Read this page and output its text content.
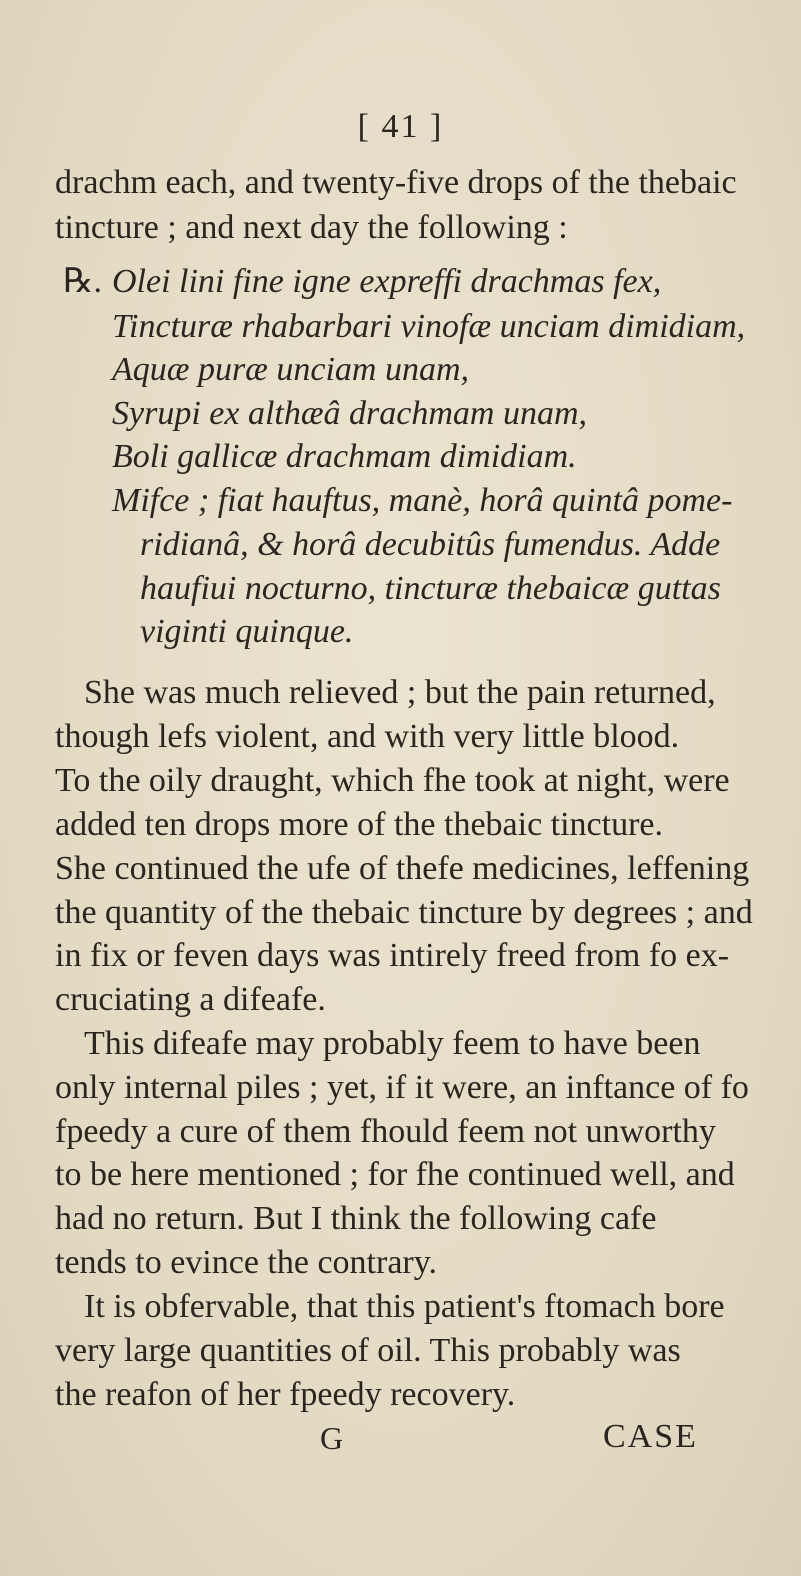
[ 41 ]
drachm each, and twenty-five drops of the thebaic
tincture ; and next day the following :
℞. Olei lini fine igne expreffi drachmas fex,
Tincturæ rhabarbari vinofæ unciam dimidiam,
Aquæ puræ unciam unam,
Syrupi ex althæâ drachmam unam,
Boli gallicæ drachmam dimidiam.
Mifce ; fiat hauftus, manè, horâ quintâ pome-
ridianâ, & horâ decubitûs fumendus. Adde
haufiui nocturno, tincturæ thebaicæ guttas
viginti quinque.
She was much relieved ; but the pain returned,
though lefs violent, and with very little blood.
To the oily draught, which fhe took at night, were
added ten drops more of the thebaic tincture.
She continued the ufe of thefe medicines, leffening
the quantity of the thebaic tincture by degrees ; and
in fix or feven days was intirely freed from fo ex-
cruciating a difeafe.
This difeafe may probably feem to have been
only internal piles ; yet, if it were, an inftance of fo
fpeedy a cure of them fhould feem not unworthy
to be here mentioned ; for fhe continued well, and
had no return. But I think the following cafe
tends to evince the contrary.
It is obfervable, that this patient's ftomach bore
very large quantities of oil. This probably was
the reafon of her fpeedy recovery.
G	CASE
